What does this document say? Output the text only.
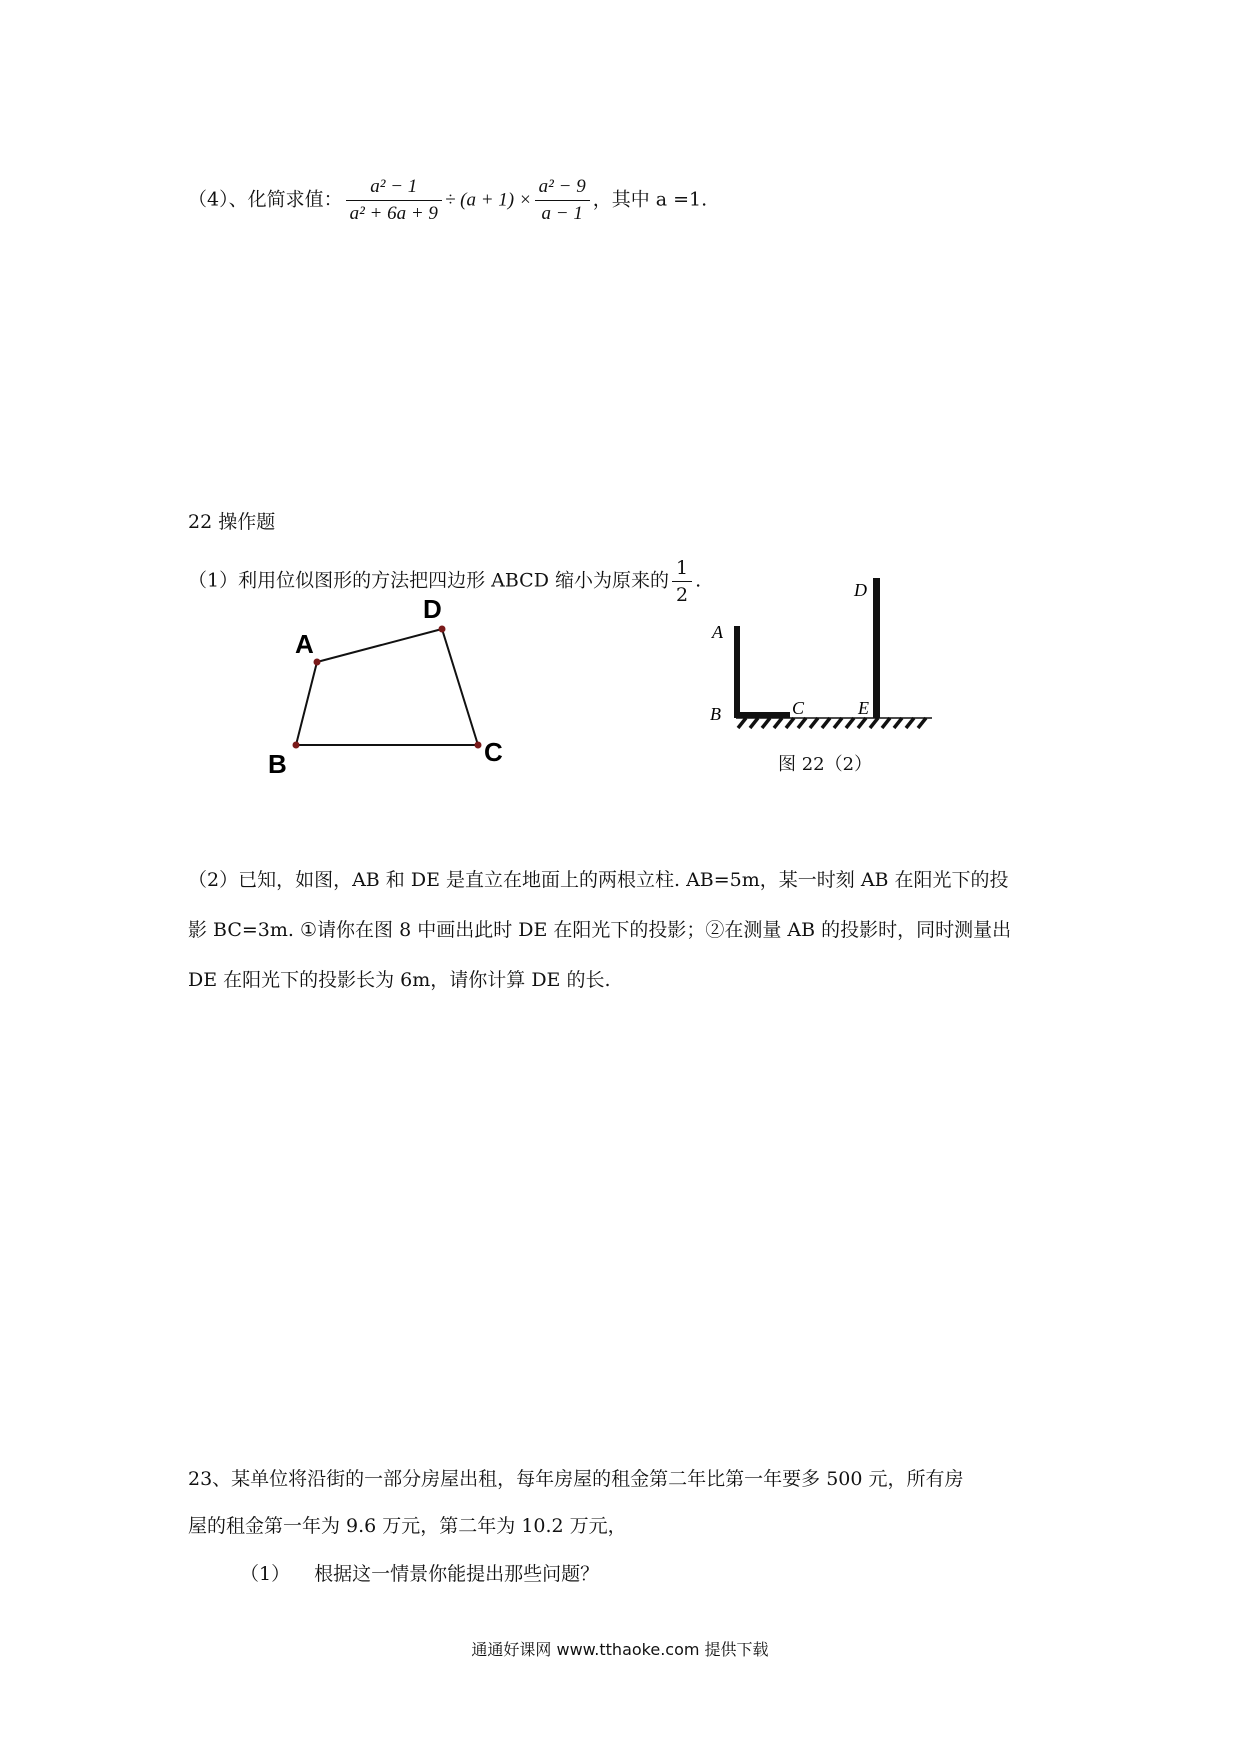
（4）、化简求值： $\frac{\text{a² − 1}}{\text{a² + 6a + 9}} \div (a + 1) \times \frac{\text{a² − 9}}{a - 1}$ ，其中 a =1.
22 操作题
（1）利用位似图形的方法把四边形 ABCD 缩小为原来的 $\frac{1}{2}$ .
A
D
C
B
A
B	C
D
E
图 22（2）
（2）已知，如图，AB 和 DE 是直立在地面上的两根立柱. AB=5m，某一时刻 AB 在阳光下的投
影 BC=3m. ①请你在图 8 中画出此时 DE 在阳光下的投影；②在测量 AB 的投影时，同时测量出
DE 在阳光下的投影长为 6m，请你计算 DE 的长.
23、某单位将沿街的一部分房屋出租，每年房屋的租金第二年比第一年要多 500 元，所有房
屋的租金第一年为 9.6 万元，第二年为 10.2 万元，
（1） 根据这一情景你能提出那些问题？
通通好课网 www.tthaoke.com 提供下载
